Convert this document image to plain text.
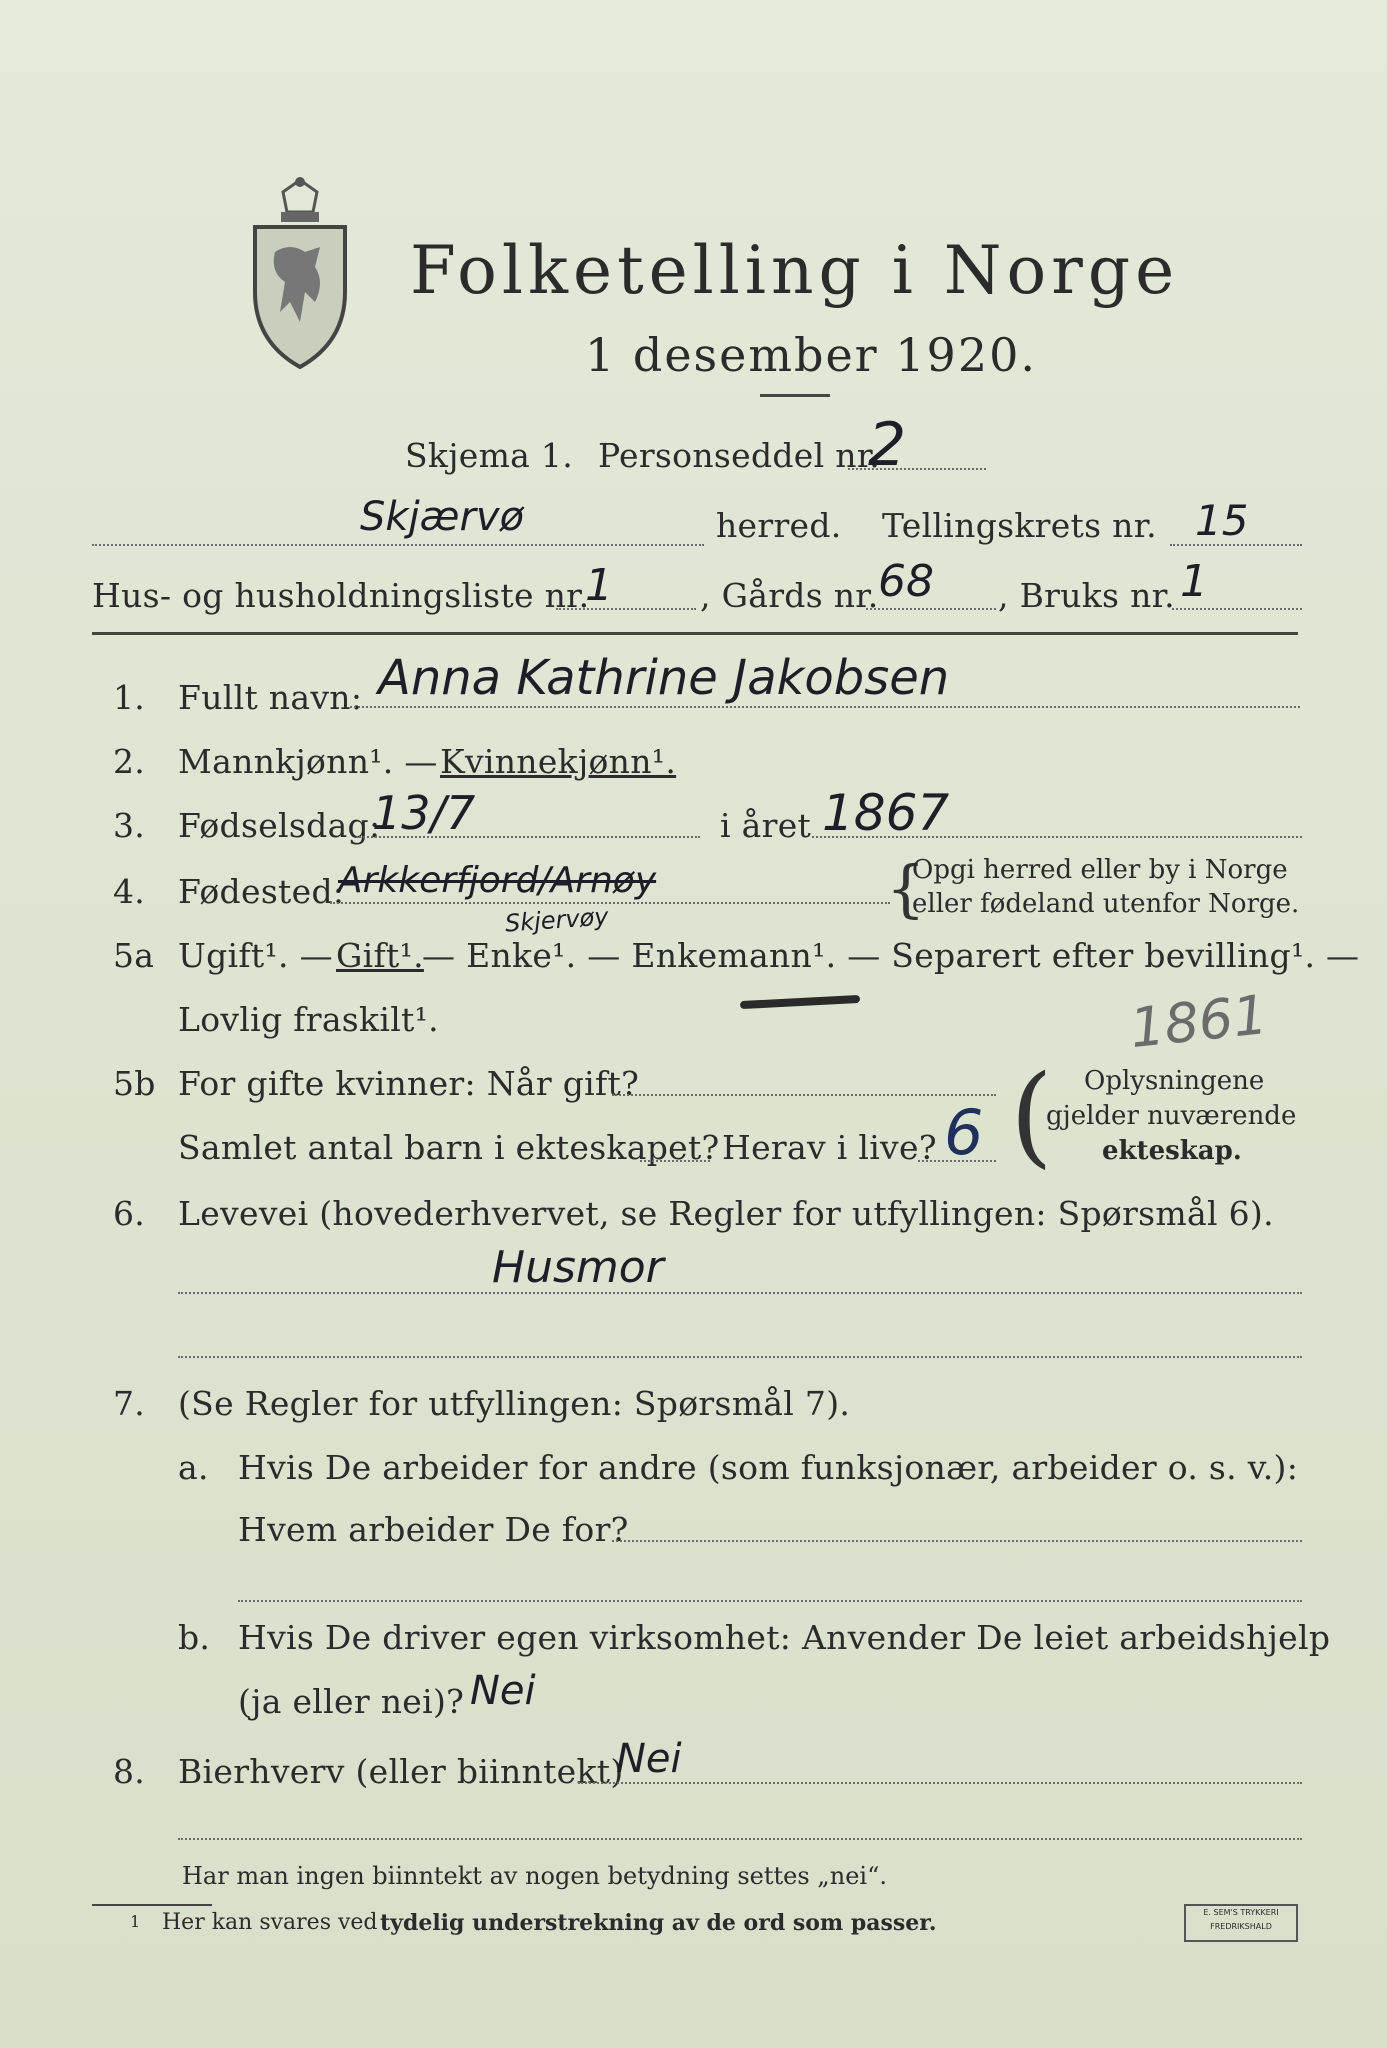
Folketelling i Norge
1 desember 1920.
Skjema 1. Personseddel nr.
2
Skjærvø	herred. Tellingskrets nr. 15
Hus- og husholdningsliste nr.
1	, Gårds nr. 68 , Bruks nr. 1
1. Fullt navn: Anna Kathrine Jakobsen
2. Mannkjønn¹. — Kvinnekjønn¹.
3. Fødselsdag:
13/7	i året 1867
4. Fødested:
Arkkerfjord/Arnøy
Skjervøy	{
Opgi herred eller by i Norge
eller fødeland utenfor Norge.
5a Ugift¹. — Gift¹.
— Enke¹. — Enkemann¹. — Separert efter bevilling¹. —
Lovlig fraskilt¹.	1861
5b For gifte kvinner: Når gift?
Samlet antal barn i ekteskapet? Herav i live? 6 ( Oplysningene
gjelder nuværende
ekteskap.
6. Levevei (hovederhvervet, se Regler for utfyllingen: Spørsmål 6).
Husmor
7. (Se Regler for utfyllingen: Spørsmål 7).
a. Hvis De arbeider for andre (som funksjonær, arbeider o. s. v.):
Hvem arbeider De for?
b. Hvis De driver egen virksomhet: Anvender De leiet arbeidshjelp
(ja eller nei)? Nei
8. Bierhverv (eller biinntekt)
Nei
Har man ingen biinntekt av nogen betydning settes „nei“.
1 Her kan svares ved tydelig understrekning av de ord som passer.	E. SEM'S TRYKKERI
FREDRIKSHALD
